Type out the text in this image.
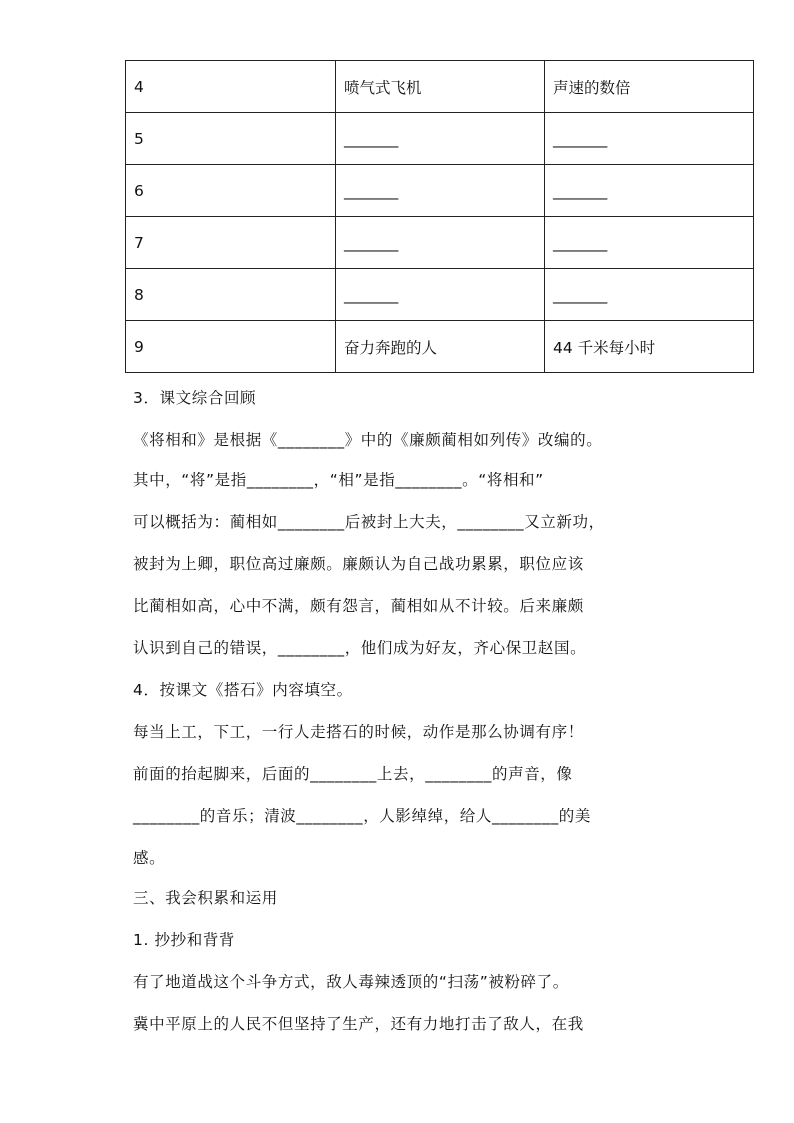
4	喷气式飞机	声速的数倍
5	_______	_______
6	_______	_______
7	_______	_______
8	_______	_______
9	奋力奔跑的人	44 千米每小时
3．课文综合回顾
《将相和》是根据《________》中的《廉颇蔺相如列传》改编的。
其中，“将”是指________，“相”是指________。“将相和”
可以概括为：蔺相如________后被封上大夫，________又立新功，
被封为上卿，职位高过廉颇。廉颇认为自己战功累累，职位应该
比蔺相如高，心中不满，颇有怨言，蔺相如从不计较。后来廉颇
认识到自己的错误，________，他们成为好友，齐心保卫赵国。
4．按课文《搭石》内容填空。
每当上工，下工，一行人走搭石的时候，动作是那么协调有序！
前面的抬起脚来，后面的________上去，________的声音，像
________的音乐；清波________，人影绰绰，给人________的美
感。
三、我会积累和运用
1. 抄抄和背背
有了地道战这个斗争方式，敌人毒辣透顶的“扫荡”被粉碎了。
冀中平原上的人民不但坚持了生产，还有力地打击了敌人，在我
